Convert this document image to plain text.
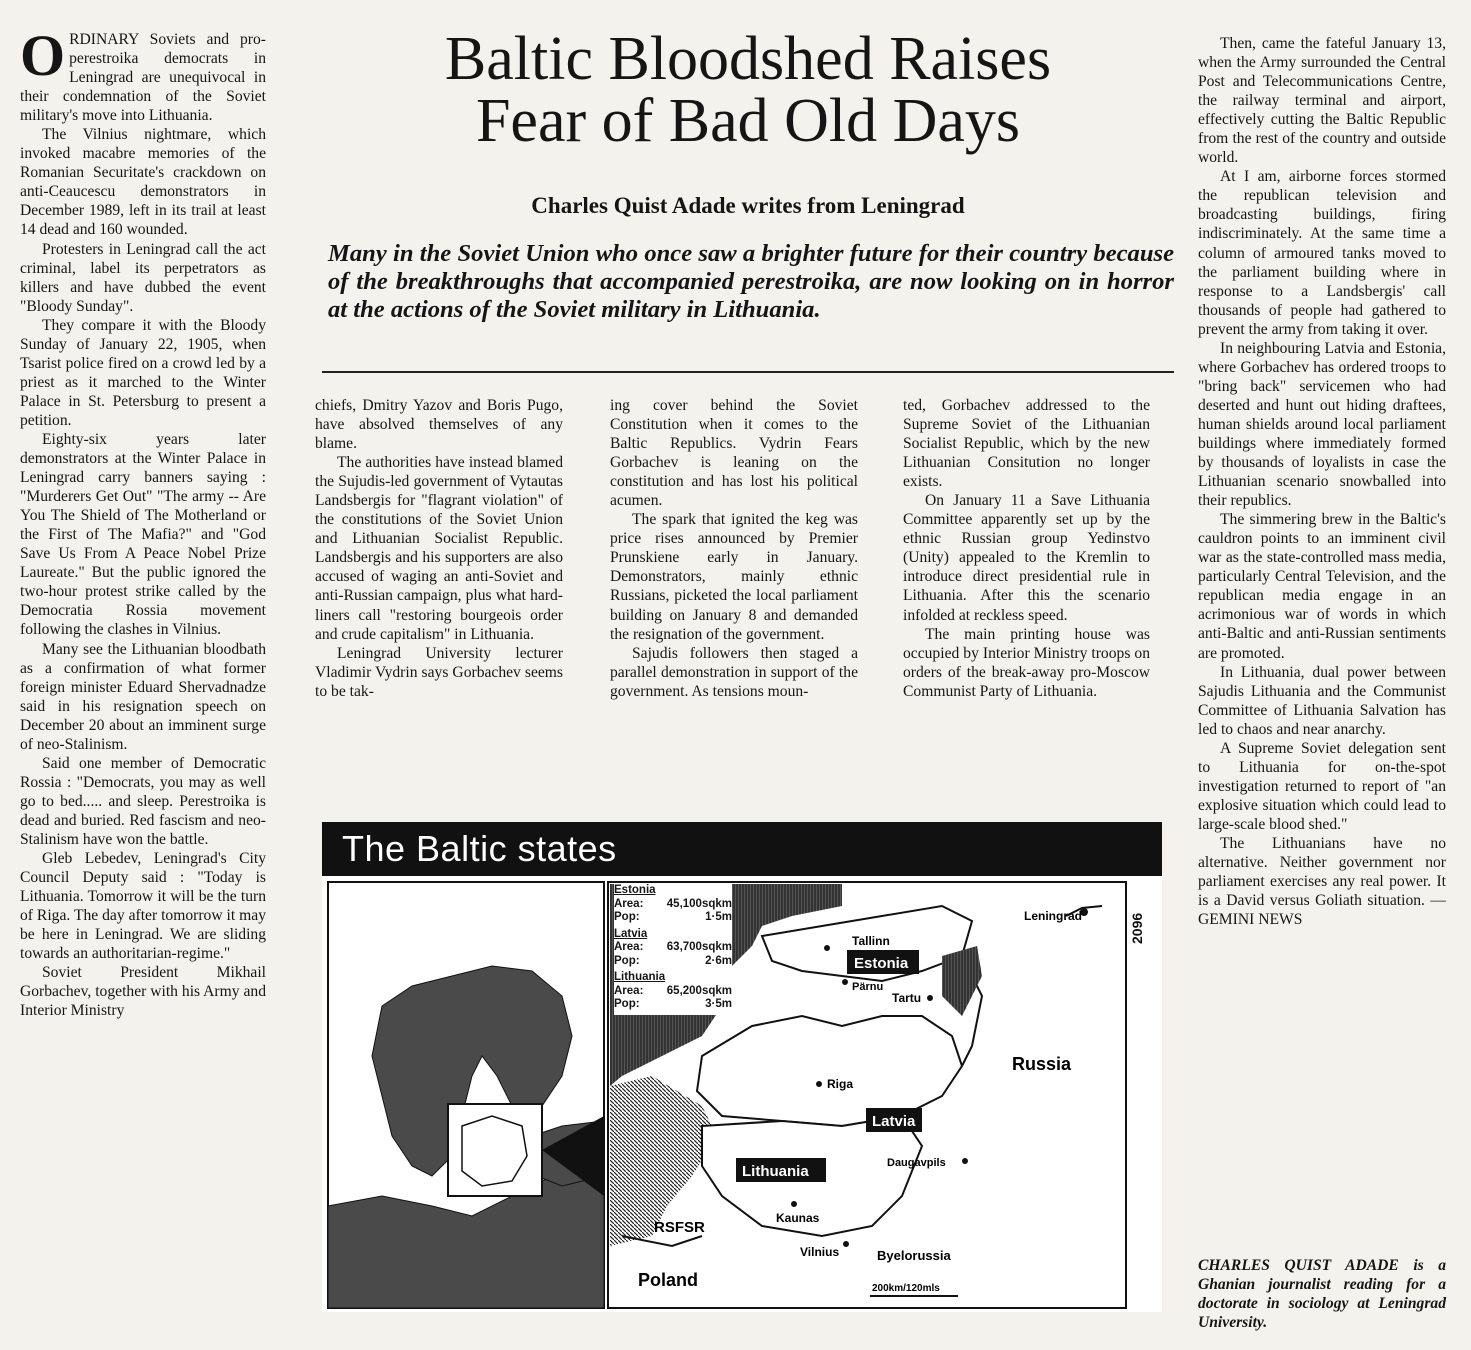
ORDINARY Soviets and pro-perestroika democrats in Leningrad are unequivocal in their condemnation of the Soviet military's move into Lithuania.

The Vilnius nightmare, which invoked macabre memories of the Romanian Securitate's crackdown on anti-Ceaucescu demonstrators in December 1989, left in its trail at least 14 dead and 160 wounded.

Protesters in Leningrad call the act criminal, label its perpetrators as killers and have dubbed the event "Bloody Sunday".

They compare it with the Bloody Sunday of January 22, 1905, when Tsarist police fired on a crowd led by a priest as it marched to the Winter Palace in St. Petersburg to present a petition.

Eighty-six years later demonstrators at the Winter Palace in Leningrad carry banners saying : "Murderers Get Out" "The army -- Are You The Shield of The Motherland or the First of The Mafia?" and "God Save Us From A Peace Nobel Prize Laureate." But the public ignored the two-hour protest strike called by the Democratia Rossia movement following the clashes in Vilnius.

Many see the Lithuanian bloodbath as a confirmation of what former foreign minister Eduard Shervadnadze said in his resignation speech on December 20 about an imminent surge of neo-Stalinism.

Said one member of Democratic Rossia : "Democrats, you may as well go to bed..... and sleep. Perestroika is dead and buried. Red fascism and neo-Stalinism have won the battle.

Gleb Lebedev, Leningrad's City Council Deputy said : "Today is Lithuania. Tomorrow it will be the turn of Riga. The day after tomorrow it may be here in Leningrad. We are sliding towards an authoritarian-regime."

Soviet President Mikhail Gorbachev, together with his Army and Interior Ministry

Baltic Bloodshed Raises
Fear of Bad Old Days
Charles Quist Adade writes from Leningrad
Many in the Soviet Union who once saw a brighter future for their country because of the breakthroughs that accompanied perestroika, are now looking on in horror at the actions of the Soviet military in Lithuania.

chiefs, Dmitry Yazov and Boris Pugo, have absolved themselves of any blame.

The authorities have instead blamed the Sujudis-led government of Vytautas Landsbergis for "flagrant violation" of the constitutions of the Soviet Union and Lithuanian Socialist Republic. Landsbergis and his supporters are also accused of waging an anti-Soviet and anti-Russian campaign, plus what hard-liners call "restoring bourgeois order and crude capitalism" in Lithuania.

Leningrad University lecturer Vladimir Vydrin says Gorbachev seems to be tak-

ing cover behind the Soviet Constitution when it comes to the Baltic Republics. Vydrin Fears Gorbachev is leaning on the constitution and has lost his political acumen.

The spark that ignited the keg was price rises announced by Premier Prunskiene early in January. Demonstrators, mainly ethnic Russians, picketed the local parliament building on January 8 and demanded the resignation of the government.

Sajudis followers then staged a parallel demonstration in support of the government. As tensions moun-

ted, Gorbachev addressed to the Supreme Soviet of the Lithuanian Socialist Republic, which by the new Lithuanian Consitution no longer exists.

On January 11 a Save Lithuania Committee apparently set up by the ethnic Russian group Yedinstvo (Unity) appealed to the Kremlin to introduce direct presidential rule in Lithuania. After this the scenario infolded at reckless speed.

The main printing house was occupied by Interior Ministry troops on orders of the break-away pro-Moscow Communist Party of Lithuania.

Then, came the fateful January 13, when the Army surrounded the Central Post and Telecommunications Centre, the railway terminal and airport, effectively cutting the Baltic Republic from the rest of the country and outside world.

At I am, airborne forces stormed the republican television and broadcasting buildings, firing indiscriminately. At the same time a column of armoured tanks moved to the parliament building where in response to a Landsbergis' call thousands of people had gathered to prevent the army from taking it over.

In neighbouring Latvia and Estonia, where Gorbachev has ordered troops to "bring back" servicemen who had deserted and hunt out hiding draftees, human shields around local parliament buildings where immediately formed by thousands of loyalists in case the Lithuanian scenario snowballed into their republics.

The simmering brew in the Baltic's cauldron points to an imminent civil war as the state-controlled mass media, particularly Central Television, and the republican media engage in an acrimonious war of words in which anti-Baltic and anti-Russian sentiments are promoted.

In Lithuania, dual power between Sajudis Lithuania and the Communist Committee of Lithuania Salvation has led to chaos and near anarchy.

A Supreme Soviet delegation sent to Lithuania for on-the-spot investigation returned to report of "an explosive situation which could lead to large-scale blood shed."

The Lithuanians have no alternative. Neither government nor parliament exercises any real power. It is a David versus Goliath situation. — GEMINI NEWS

CHARLES QUIST ADADE is a Ghanian journalist reading for a doctorate in sociology at Leningrad University.
The Baltic states
Tallinn
Estonia
Pärnu
Tartu
Leningrad
Russia
Riga
Latvia
Daugavpils
Lithuania
Kaunas
Vilnius	Byelorussia
RSFSR
Poland	200km/120mls
Estonia
Area: 45,100sqkm
Pop:	1·5m
Latvia
Area: 63,700sqkm
Pop:	2·6m
Lithuania
Area: 65,200sqkm
Pop:	3·5m
2096
